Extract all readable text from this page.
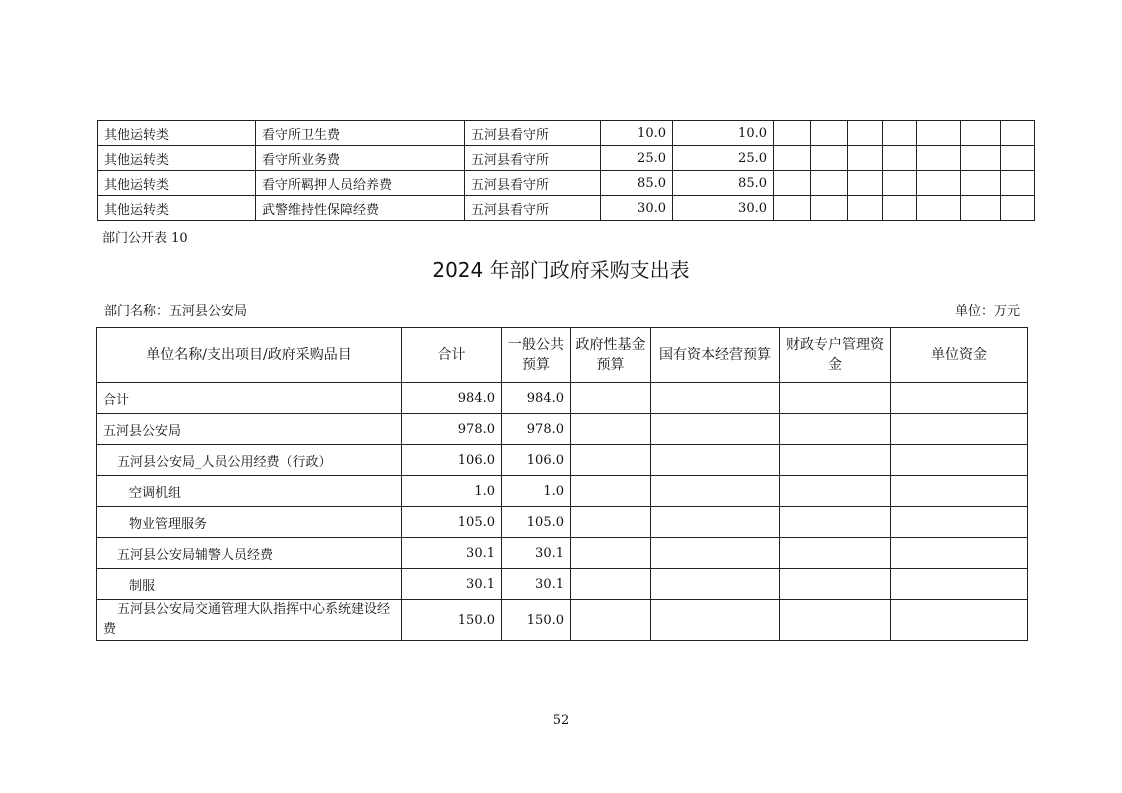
其他运转类	看守所卫生费	五河县看守所	10.0	10.0							
其他运转类	看守所业务费	五河县看守所	25.0	25.0							
其他运转类	看守所羁押人员给养费	五河县看守所	85.0	85.0							
其他运转类	武警维持性保障经费	五河县看守所	30.0	30.0							
部门公开表 10
2024 年部门政府采购支出表
部门名称：五河县公安局	单位：万元
单位名称/支出项目/政府采购品目	合计	一般公共预算	政府性基金预算	国有资本经营预算	财政专户管理资金	单位资金
合计	984.0	984.0				
五河县公安局	978.0	978.0				
五河县公安局_人员公用经费（行政）	106.0	106.0				
空调机组	1.0	1.0				
物业管理服务	105.0	105.0				
五河县公安局辅警人员经费	30.1	30.1				
制服	30.1	30.1				
五河县公安局交通管理大队指挥中心系统建设经费	150.0	150.0				
52
